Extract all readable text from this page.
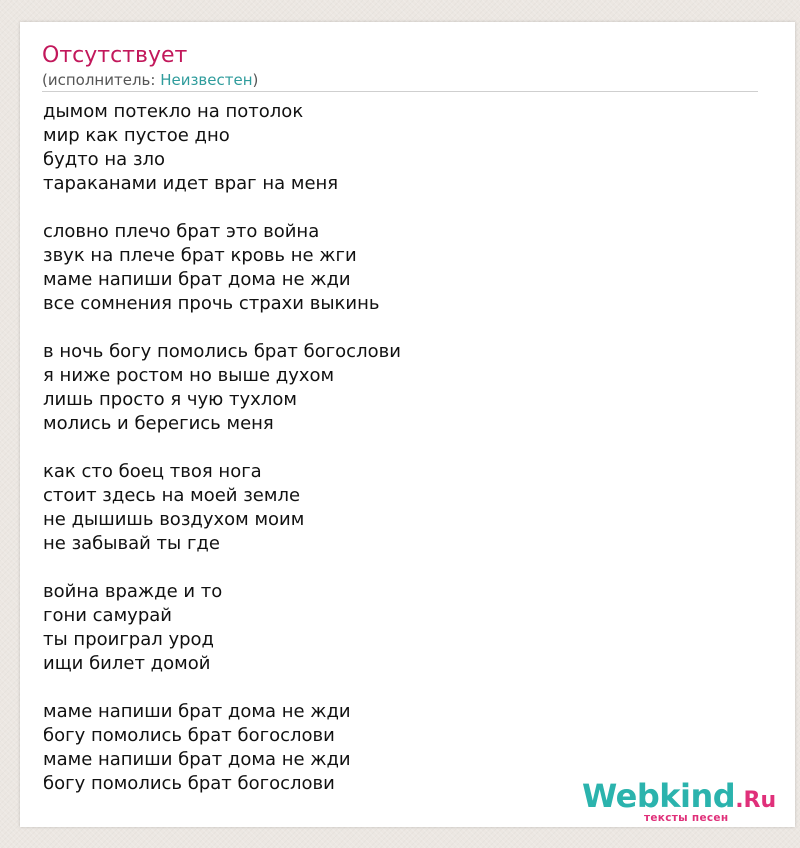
Отсутствует
(исполнитель: Неизвестен)
дымом потекло на потолок
мир как пустое дно
будто на зло
тараканами идет враг на меня
словно плечо брат это война
звук на плече брат кровь не жги
маме напиши брат дома не жди
все сомнения прочь страхи выкинь
в ночь богу помолись брат богослови
я ниже ростом но выше духом
лишь просто я чую тухлом
молись и берегись меня
как сто боец твоя нога
стоит здесь на моей земле
не дышишь воздухом моим
не забывай ты где
война вражде и то
гони самурай
ты проиграл урод
ищи билет домой
маме напиши брат дома не жди
богу помолись брат богослови
маме напиши брат дома не жди
богу помолись брат богослови	Webkind.Ru
тексты песен
